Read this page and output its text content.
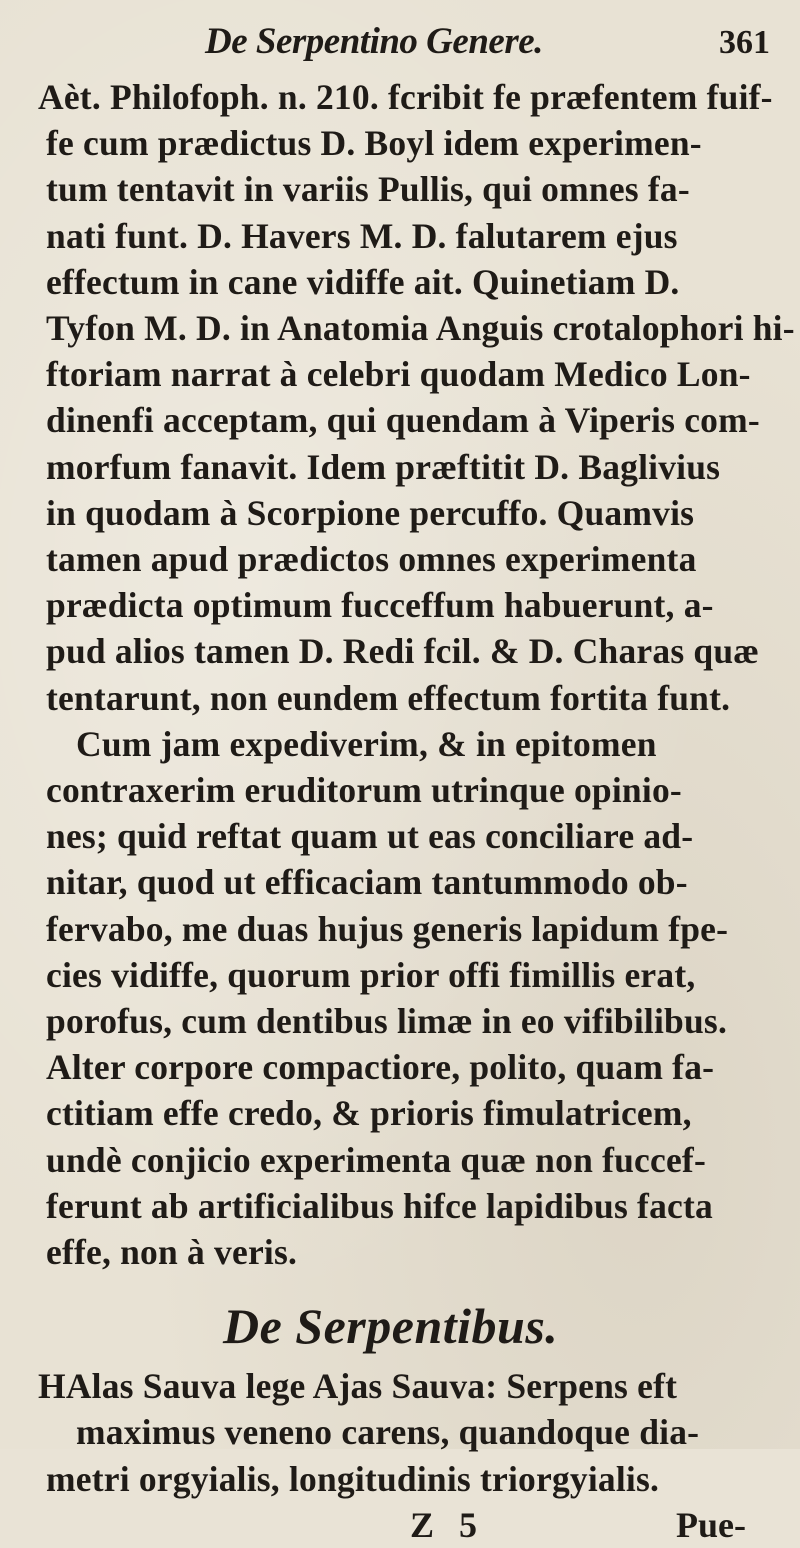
De Serpentino Genere.	361
Aѐt. Philofoph. n. 210. fcribit fe præfentem fuif-
fe cum prædictus D. Boyl idem experimen-
tum tentavit in variis Pullis, qui omnes fa-
nati funt. D. Havers M. D. falutarem ejus
effectum in cane vidiffe ait. Quinetiam D.
Tyfon M. D. in Anatomia Anguis crotalophori hi-
ftoriam narrat à celebri quodam Medico Lon-
dinenfi acceptam, qui quendam à Viperis com-
morfum fanavit. Idem præftitit D. Baglivius
in quodam à Scorpione percuffo. Quamvis
tamen apud prædictos omnes experimenta
prædicta optimum fucceffum habuerunt, a-
pud alios tamen D. Redi fcil. & D. Charas quæ
tentarunt, non eundem effectum fortita funt.
Cum jam expediverim, & in epitomen
contraxerim eruditorum utrinque opinio-
nes; quid reftat quam ut eas conciliare ad-
nitar, quod ut efficaciam tantummodo ob-
fervabo, me duas hujus generis lapidum fpe-
cies vidiffe, quorum prior offi fimillis erat,
porofus, cum dentibus limæ in eo vifibilibus.
Alter corpore compactiore, polito, quam fa-
ctitiam effe credo, & prioris fimulatricem,
undè conjicio experimenta quæ non fuccef-
ferunt ab artificialibus hifce lapidibus facta
effe, non à veris.
De Serpentibus.
HAlas Sauva lege Ajas Sauva: Serpens eft
maximus veneno carens, quandoque dia-
metri orgyialis, longitudinis triorgyialis.
Z 5	Pue-
